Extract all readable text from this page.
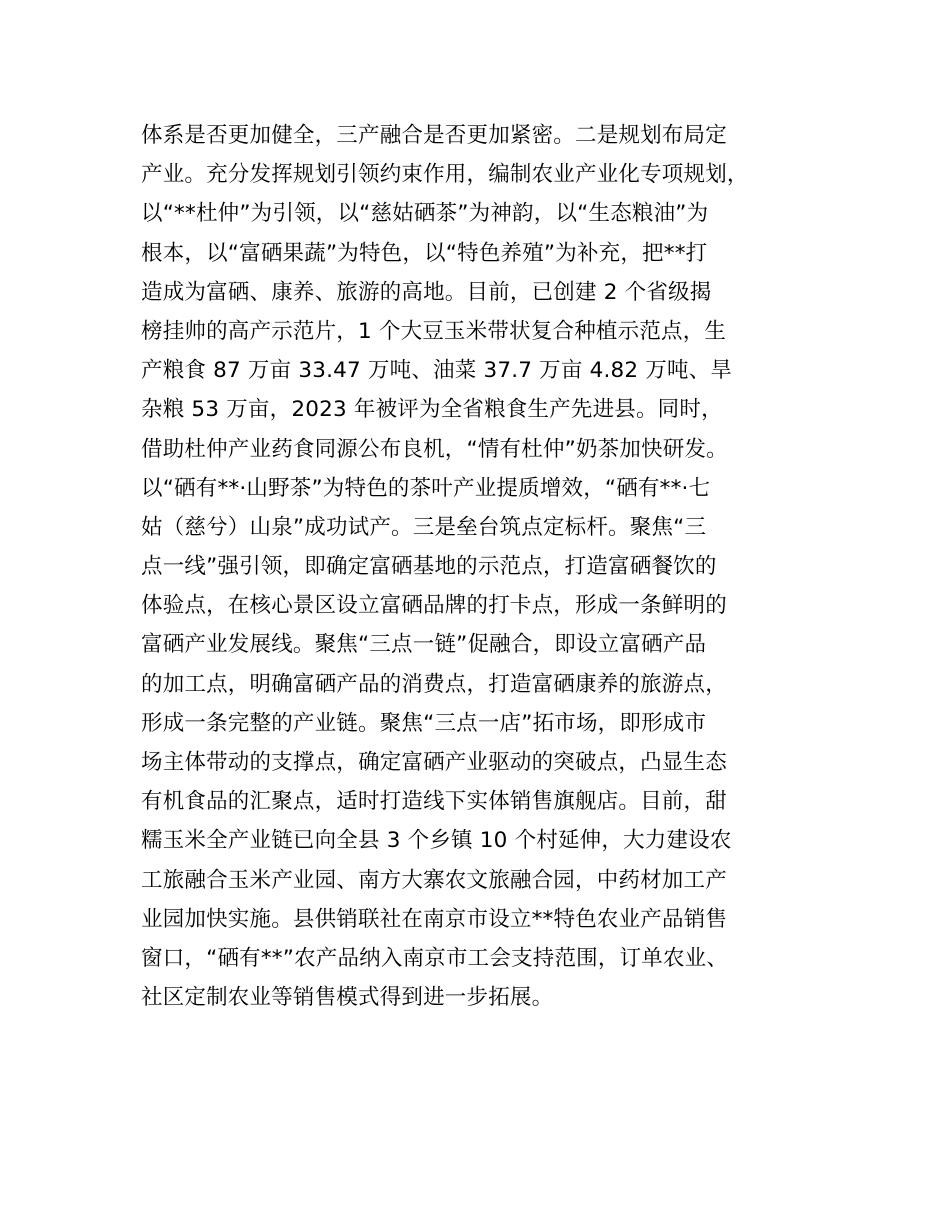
体系是否更加健全，三产融合是否更加紧密。二是规划布局定
产业。充分发挥规划引领约束作用，编制农业产业化专项规划，
以“**杜仲”为引领，以“慈姑硒茶”为神韵，以“生态粮油”为
根本，以“富硒果蔬”为特色，以“特色养殖”为补充，把**打
造成为富硒、康养、旅游的高地。目前，已创建 2 个省级揭
榜挂帅的高产示范片，1 个大豆玉米带状复合种植示范点，生
产粮食 87 万亩 33.47 万吨、油菜 37.7 万亩 4.82 万吨、旱
杂粮 53 万亩，2023 年被评为全省粮食生产先进县。同时，
借助杜仲产业药食同源公布良机，“情有杜仲”奶茶加快研发。
以“硒有**·山野茶”为特色的茶叶产业提质增效，“硒有**·七
姑（慈兮）山泉”成功试产。三是垒台筑点定标杆。聚焦“三
点一线”强引领，即确定富硒基地的示范点，打造富硒餐饮的
体验点，在核心景区设立富硒品牌的打卡点，形成一条鲜明的
富硒产业发展线。聚焦“三点一链”促融合，即设立富硒产品
的加工点，明确富硒产品的消费点，打造富硒康养的旅游点，
形成一条完整的产业链。聚焦“三点一店”拓市场，即形成市
场主体带动的支撑点，确定富硒产业驱动的突破点，凸显生态
有机食品的汇聚点，适时打造线下实体销售旗舰店。目前，甜
糯玉米全产业链已向全县 3 个乡镇 10 个村延伸，大力建设农
工旅融合玉米产业园、南方大寨农文旅融合园，中药材加工产
业园加快实施。县供销联社在南京市设立**特色农业产品销售
窗口，“硒有**”农产品纳入南京市工会支持范围，订单农业、
社区定制农业等销售模式得到进一步拓展。
